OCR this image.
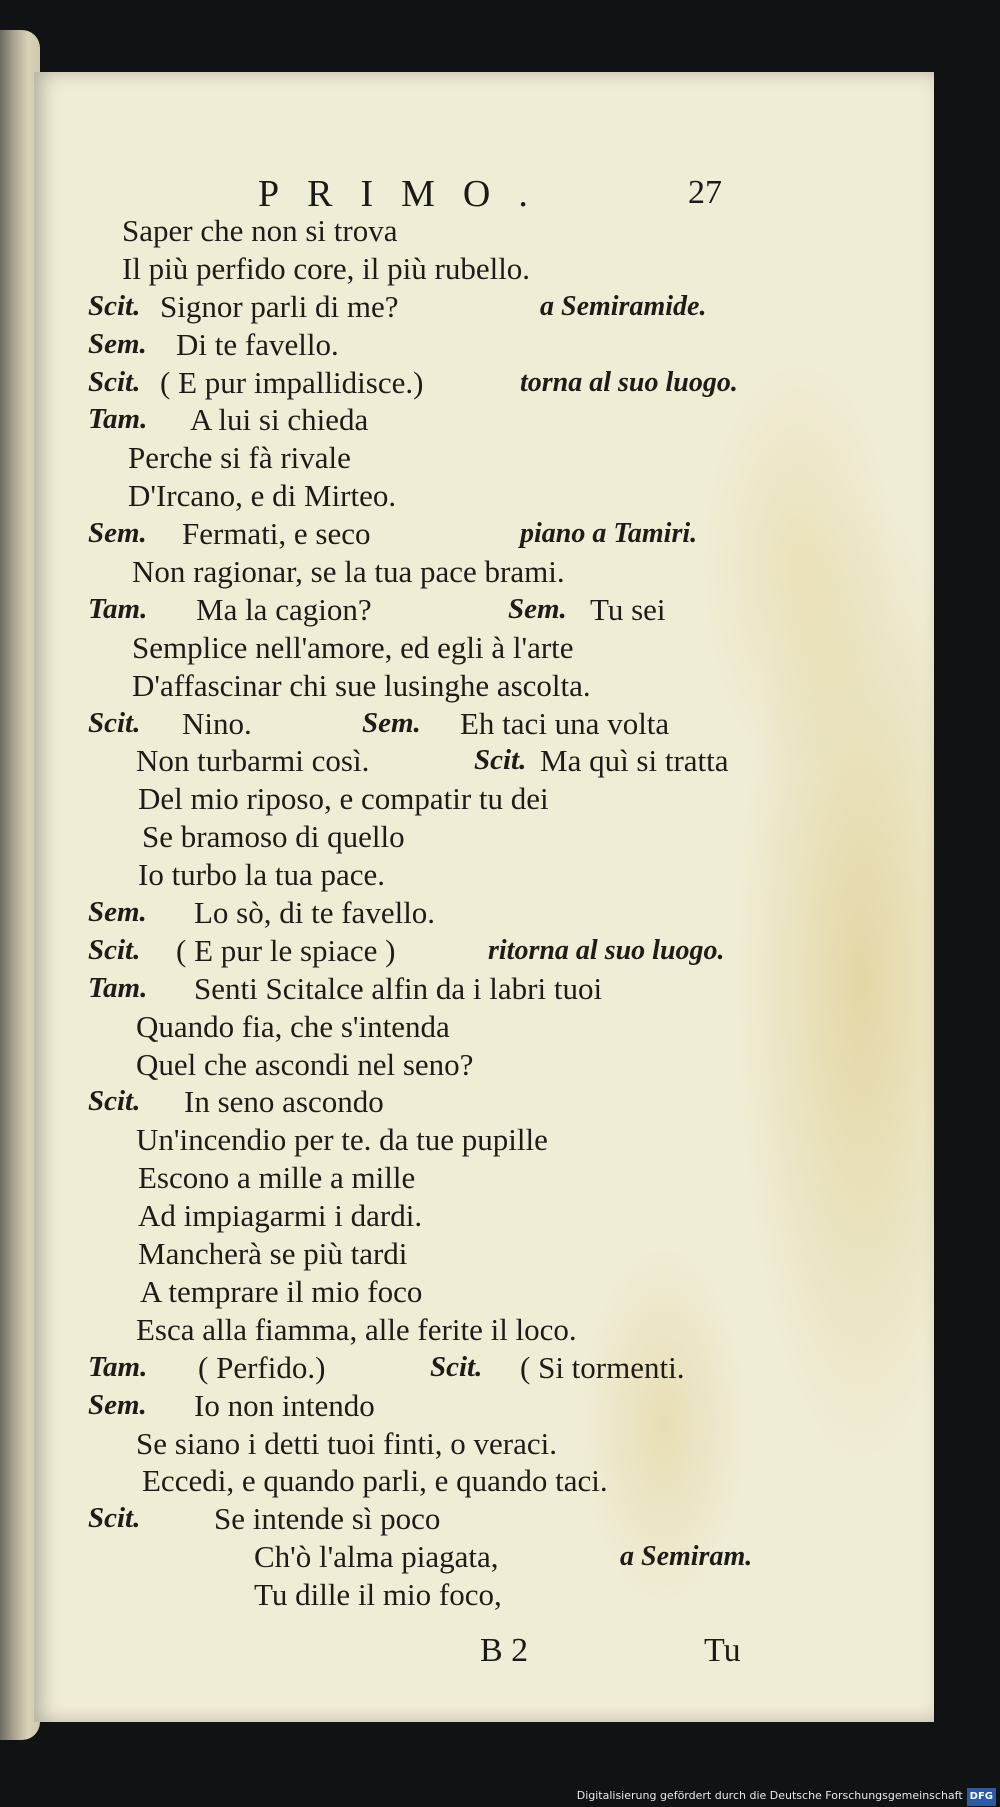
PRIMO.	27
Saper che non si trova
Il più perfido core, il più rubello.
Scit. Signor parli di me?	a Semiramide.
Sem. Di te favello.
Scit. ( E pur impallidisce.)	torna al suo luogo.
Tam. A lui si chieda
Perche si fà rivale
D'Ircano, e di Mirteo.
Sem. Fermati, e seco	piano a Tamiri.
Non ragionar, se la tua pace brami.
Tam. Ma la cagion?	Sem. Tu sei
Semplice nell'amore, ed egli à l'arte
D'affascinar chi sue lusinghe ascolta.
Scit. Nino.	Sem. Eh taci una volta
Non turbarmi così.	Scit. Ma quì si tratta
Del mio riposo, e compatir tu dei
Se bramoso di quello
Io turbo la tua pace.
Sem. Lo sò, di te favello.
Scit. ( E pur le spiace )	ritorna al suo luogo.
Tam. Senti Scitalce alfin da i labri tuoi
Quando fia, che s'intenda
Quel che ascondi nel seno?
Scit. In seno ascondo
Un'incendio per te. da tue pupille
Escono a mille a mille
Ad impiagarmi i dardi.
Mancherà se più tardi
A temprare il mio foco
Esca alla fiamma, alle ferite il loco.
Tam. ( Perfido.)	Scit. ( Si tormenti.
Sem. Io non intendo
Se siano i detti tuoi finti, o veraci.
Eccedi, e quando parli, e quando taci.
Scit. Se intende sì poco
Ch'ò l'alma piagata,	a Semiram.
Tu dille il mio foco,
B 2	Tu
Digitalisierung gefördert durch die Deutsche Forschungsgemeinschaft DFG
